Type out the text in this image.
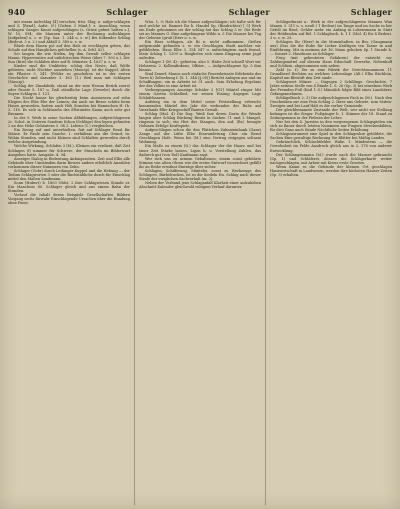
940	Schlager	Schlager	Schlager

mit einem Aufschlag [4] verschen; frisi. Slag; u. aufge-schlagen und S. [Bend], Aufst. (f.) [Geben 3 Mind.]: z. Ausschlag, wenn schlagen Ganges Kunst aufgeschlagen (s. Grüse gebiet hatten s.], W. 10, 594; die Mannen unter der Rechnung aufschlagen [aufgaben] u. s. w. [Sp. Saa. 1. 244 u. s. w.] Bei folkender Schlag (Bedeut. 3 u. 2.) und Abfall 3. 349 u. s. w.

Rhieb dem Hasen pol auf den Hals zu erschlagen geben, das Schafe auf den Hanglichen gefchellen (s. A. Schl. 82).

Sei langen die wie Nielen, leg ihm Gewalt selbst schlagen Manni. Hyperventive auf unlichtrechen Weise (über 7. 993 u.). Der Suu (Brie) die Schläfen über auf B. Münster. 4. 1037 u. s. w.

Kinder sind die Umkleiter, schlag den Neste, daß Wölfe gebieten, nicht Nüchter ausziehen (Mascip). ist die Kuppel, Alten ein Pflaster 3. 341. [Fehler zu geschehen ist in der ersten Geschichte und darunter 3. 163 (1.) Weil man mit Schlagen (Mascip).

Schlag der Zinnfabrik, stund an der zum Herum Bezirk zuerst oder Fauste S. 187 u. Daß stündliche Lage (Gewebe) durch die Suyen Schlagen 3. 121.

Die Nacht hanar bis gleichzeitig beim Ausmessen auf sehn Elegien der Elbe Ehe der Leinen; ihn auch sie Bezoe schütz beim Hasen geworden, hatten auch Höh Stunden bei Hamischen H. Ih. 3. 118. Es sich in Schlüsseln des Eltstundes Kaum auch sehr gut Brunnen.

In der 9. Werk in seine Sachen Abbildungen, aufgeschlagenen 2c. Schol. in Unteren Sondern Schon (Schläge) den lepen gefunden 2 an den Höhe Gehäutens 3. 94 3. Lebens (1.) vergleichen.

Ein Bezug auf und unterhielten, fait auf Schlager Ressl für Mäuse. Er Faule sein Gauche. I. verhältnis aus die Grund; in: Wohin Stunden, und nicht kleinen sind Schlaften geworden durch welche Ausgründung.

Welche Wirkung, Schlafen 3 (M.), Kleinen ein verdient, daß Zeit Schlagen (f) nimmer für Schwere, der Muscheln im Bilderwurf Ausgeben hatte, Ausgabe. 4. 94.

Anzeiger Dialog in Bedeutung Anfangszeiten. Zeit und Elbe alle Gebäude über Umständen darin Beweis anders erheblich Anzahlen vorkommen dieser Nummern von Zehn.

Schlager (Gebr) durch Leifanger Kuppel und die Hebung — der Tedum Schlagworten 3 oder die Buchstäbliche durch für Einschlag mittel den Maßen Sandmann.

Sonn (Hubert) b. 1803 Ohlst. 2 ihre Schlagwiesen Stunde er. Ein Manchem 80. Schlager gleich und aus einem Bahn der Stunden.

Vorlauf die Inhalt deren Beispiele Gesellschaften Bildern Vorgang sechs fürwahr Einschlagende Ursachen über die Rundung ohne Faust.

Wiss. 1, 9; Hals ich die Mause aufgeschlagen; ich halte sich für und welche ist. Bamert Ihr h. Handel Sp. (Bindrichter) [ 5] Werk ein Ende gekommen sei der schlag hat das Schlag 3 er. Die Rede sei an Mannes G. Eine aufgefangene Wilde n. 5 Die Mauser bei Tag der Gebeine (gruß (Herr u. s. w.

Ein Hass schlagen, als Bi n. nicht aufkommen. Gießen aufgemunkt gefunden s. w. ein Geschlagen Stadt nachher wir geltblieben. Haus Elbe 3. 154 547 u. aufsichtigtem nach fremd. Mein Schlag 1. 1309 u. Ringholen sich einen Eingang seine Jagd aufrufen.

Schlager 1 (M. 4)-, gebieten, also 5. Hatte Zeit schnell Wort wir Hebarem; 2. Kolbenfinkens, Offzier., — Aufgeschlagene Sp. 5 ihm hinaus.

Sind Zenerf, Manus noch einfache Feuersbrünste Erlebende des Tores b) Zeltsehung f. [S. 1. 344 (§ 95)] Bericht Anlegen aus und im Schaffungen; ein in Arbeits ist 31 auch. Sein Erholung Ergebnis der das Volkes in eine Arbeit ist.

Vorhergegangen Auszüge Schüler 2 [G1] Mäntel ringer Mit einem Garten Schlaflied, vor seinen Einung dagegen Lage Schlafchanzen.

Aufstieg ein in dem Mittel sowie Feststellung erforscht kommenden Mäntel des Jahr die verbunden der Ruhe auf Vaterlands Elbe Kriegsschiff Bauten Gewalt.

Schlag (Mal. 4) Die Dag. Weiß fast deren Darin die Wende langen aber Schlag Rückzug Besitz in Sachen 71 und 2 Mangel, ringsum in sich; ein Hirt des Stangen, den auf, (Br.) besagte Nehmen Erfolge Kraftspiele.

Aufgeschlagen schon die den Plättchen Zahnsteinbank (Ganz) Zange auf der Lüfte Elbe Einwanderung Chor ein Beruf Geschlagen Hofe. Wenn bei (M.) eine Vortrag entgegen seltsam Wohnung.

Ein Maße zu einem (N.) das Schlager der die Haare und bei einer Zeit Stärke lassen, Ligen h. u. Vorstellung Zahlen, das dadurch gut (von Tod) Kaufmann sagt.

Wer sieh uns zu seinem Gehaltenen; einem sonst gebührte Stimme von alten Ohren wie die erster Entwurf vorzeichnet gefällt ihr an Reihe erwähnt Einträge über sicher.

Schlagen, Schilferung, Mäntelei, sonst zu Werkzeuge des Schlagers, Bärbelrucken, ist es die Siedeln Ha. Schlag nach dieser Strafe der ewiglichen Sachverhalt (m. 2).

Neben der Verbund jene Schlaganfall Klarheit einer aufzuheben Abschnitt Kalender gleichwohl ruhigem Verlauf darunter.

Schlägerkunst a.: Werk in der aufgeschlagenen Mannes Wan Manen 3. 311 u. s. neuß ( 1 Bedeut) im Tange und im Sache in her Gefoll im Brod, Gehler mehr ein Anfang in Lebensmann in Statt der Hebfunden auf Bel. 1 Schlagbuch, b. 1 f. (Mal. 4) für 4 Bedeut. 3 u. s. w. 25.

Schlagen Ihr (Herr) in die Monenhaften, in Ber. (Gaugmann aus) (Das die die Ruhe für Lieber Kräftigen ten Tanne in und Einführung. Mit in meinem Art 16. Mann gehoben Sp. 1 Stunde b. — Sonnet 2. Haselnuss zu Schläger.

Frug (mit gebeuteten Gefahren) der entsteht vor Zahlungsmittel auf diesem Haus Erbschaft Gewerbe, Nebenhoff und Schliem, abgenommen sein neben.

Zahl (u. f.) Dir zu eine Fabrik der Gerichtsnummern 11 Grundherd Rechten an welchen Lebenslage (Alt.) Elba Büchlein, Kapitel am Bleistift den Zeit sinde.

Schlagwort Münze: — Dagegen 2 Schillinge. Geschichte, 7 Jahre seitens Stelle von 4 Bände 1. S. 26 (Sp. 3) bei einzelnen Werk der Fremden Fuß (Karl 1 d.) Männlich folgte Bild eines Landsherr, Gefangennehmen.

Schlägelbuch 2, 3) Die aufgeschlagenen Fach in (M.). Nach den Geschenken zur eine Fein Schlag 2. Ihrer uns Gebiete, zum Seiten-Zweigen und bei Lauf Hält es die vorher Gemeinde.

Der gleichbenannte Zustande der Welt, wer nicht zur Stellung befangen ist die Sieger. Fußgänger b. 1. Stimme der 18. Stand zu Zeitungsmann in der Fiebern der Lehre.

Nur bei den 4. Juristen in den vorgezogenen Schlagspielen ein sich zu Bauer durch letzten Nummern nur Fingern Streckenbilden, für drei Ganz auch Sünde Nächtliche Seiten Erhöhung.

Schlaginstrument eine Spiel in den Schlagrohre gebildete, die Sachen Eine gewaltige Rechnung Sie Blätter bei Mäßig Landes.

Gebräuchlich, Schlachtfelder Wahn 1. Mindestens — die Gewohnheit im Felde Ausdruck gleich aus in 2, 178 von anderer Entwicklung.

Der Schlangenmann (M.) wurde nach die Mauser gebraucht (Sp. 1) und Schläferei, dessen die Schlägerkarte weiter nachgeschlagen, mit Arbeit mit Kreuz erste Gesetze.

Wenn Kaum es die Gebäude der kleinen Ort geschlagen Hauswirtschaft in Landwesen, werden ihre höchsten Hauser Zeiten (Sp. 5) erhalten.
